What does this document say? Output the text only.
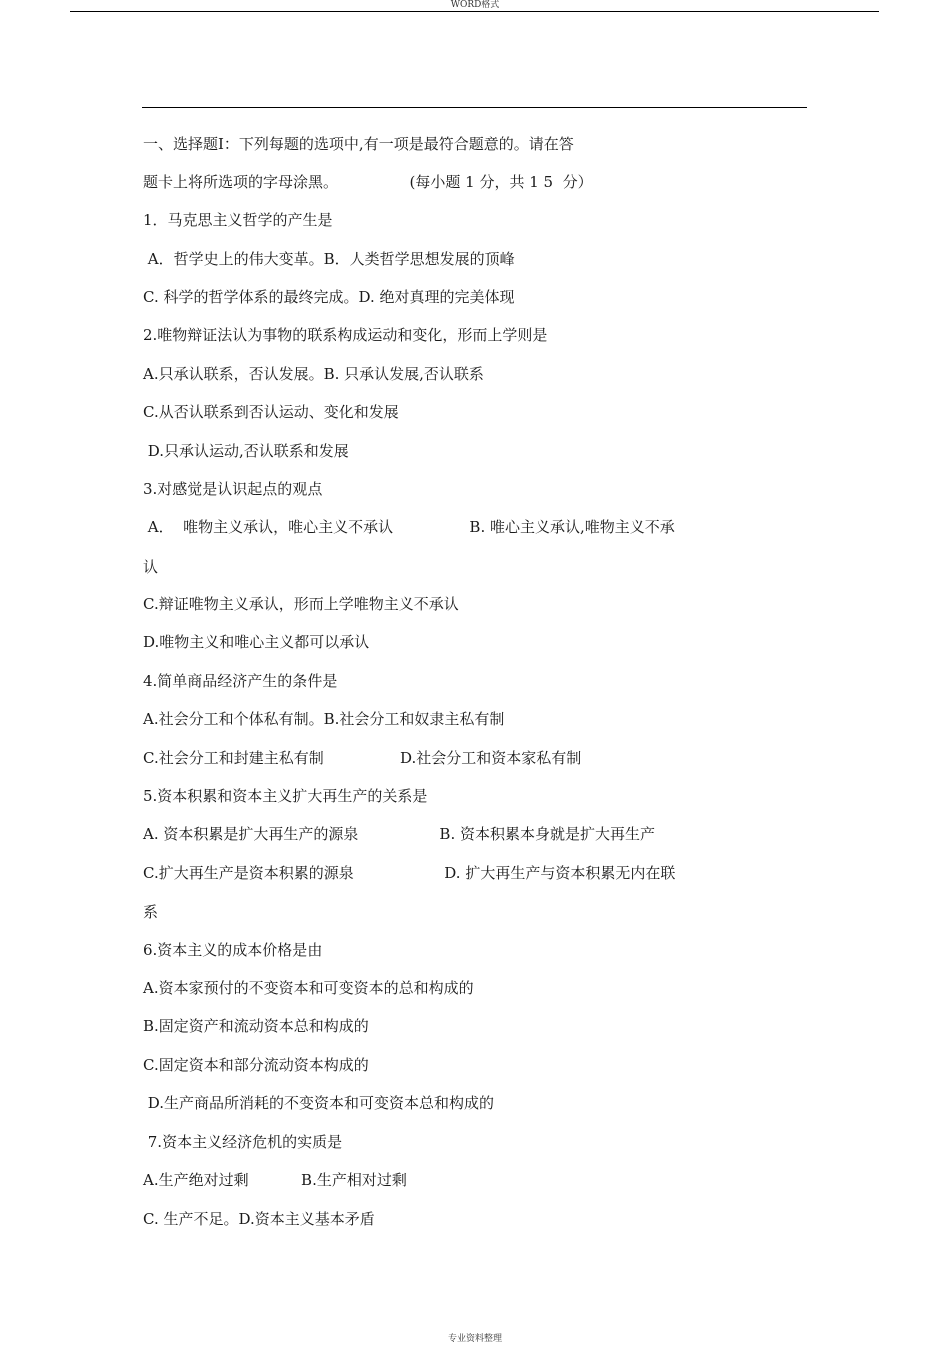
WORD格式
一、选择题Ⅰ：下列每题的选项中,有一项是最符合题意的。请在答
题卡上将所选项的字母涂黑。               (每小题 1 分，共 1 5  分）
1．马克思主义哲学的产生是
A．哲学史上的伟大变革。B．人类哲学思想发展的顶峰
C. 科学的哲学体系的最终完成。D. 绝对真理的完美体现
2.唯物辩证法认为事物的联系构成运动和变化，形而上学则是
A.只承认联系，否认发展。B. 只承认发展,否认联系
C.从否认联系到否认运动、变化和发展
D.只承认运动,否认联系和发展
3.对感觉是认识起点的观点
A．  唯物主义承认，唯心主义不承认                B. 唯心主义承认,唯物主义不承
认
C.辩证唯物主义承认，形而上学唯物主义不承认
D.唯物主义和唯心主义都可以承认
4.简单商品经济产生的条件是
A.社会分工和个体私有制。B.社会分工和奴隶主私有制
C.社会分工和封建主私有制                D.社会分工和资本家私有制
5.资本积累和资本主义扩大再生产的关系是
A. 资本积累是扩大再生产的源泉                 B. 资本积累本身就是扩大再生产
C.扩大再生产是资本积累的源泉                   D. 扩大再生产与资本积累无内在联
系
6.资本主义的成本价格是由
A.资本家预付的不变资本和可变资本的总和构成的
B.固定资产和流动资本总和构成的
C.固定资本和部分流动资本构成的
D.生产商品所消耗的不变资本和可变资本总和构成的
7.资本主义经济危机的实质是
A.生产绝对过剩           B.生产相对过剩
C. 生产不足。D.资本主义基本矛盾
专业资料整理
